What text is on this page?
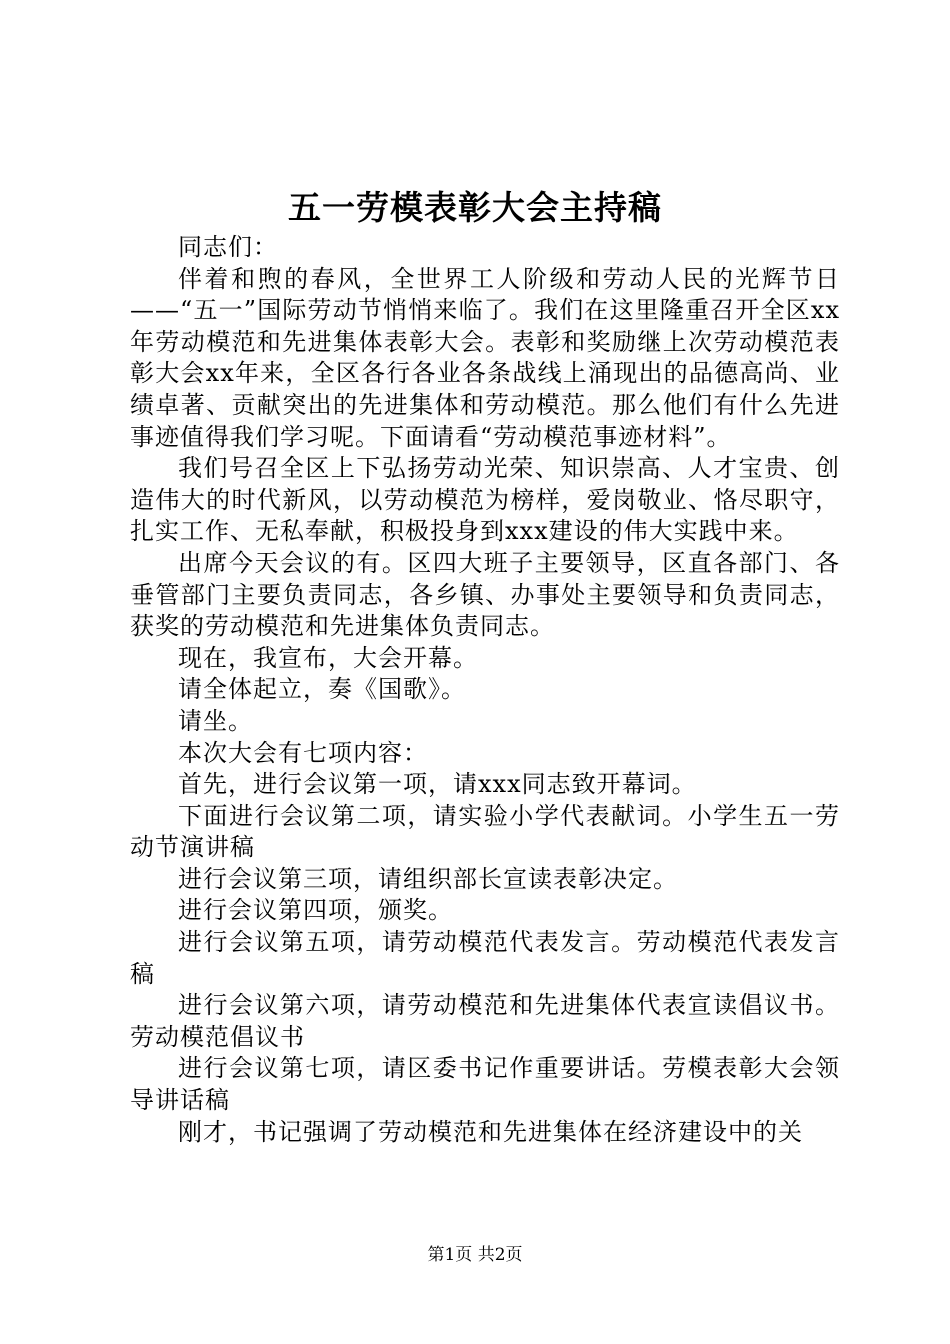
五一劳模表彰大会主持稿

同志们：

伴着和煦的春风，全世界工人阶级和劳动人民的光辉节日——“五一”国际劳动节悄悄来临了。我们在这里隆重召开全区xx年劳动模范和先进集体表彰大会。表彰和奖励继上次劳动模范表彰大会xx年来，全区各行各业各条战线上涌现出的品德高尚、业绩卓著、贡献突出的先进集体和劳动模范。那么他们有什么先进事迹值得我们学习呢。下面请看“劳动模范事迹材料”。

我们号召全区上下弘扬劳动光荣、知识崇高、人才宝贵、创造伟大的时代新风，以劳动模范为榜样，爱岗敬业、恪尽职守，扎实工作、无私奉献，积极投身到xxx建设的伟大实践中来。

出席今天会议的有。区四大班子主要领导，区直各部门、各垂管部门主要负责同志，各乡镇、办事处主要领导和负责同志，获奖的劳动模范和先进集体负责同志。

现在，我宣布，大会开幕。

请全体起立，奏《国歌》。

请坐。

本次大会有七项内容：

首先，进行会议第一项，请xxx同志致开幕词。

下面进行会议第二项，请实验小学代表献词。小学生五一劳动节演讲稿

进行会议第三项，请组织部长宣读表彰决定。

进行会议第四项，颁奖。

进行会议第五项，请劳动模范代表发言。劳动模范代表发言稿

进行会议第六项，请劳动模范和先进集体代表宣读倡议书。劳动模范倡议书

进行会议第七项，请区委书记作重要讲话。劳模表彰大会领导讲话稿

刚才，书记强调了劳动模范和先进集体在经济建设中的关

第1页 共2页
